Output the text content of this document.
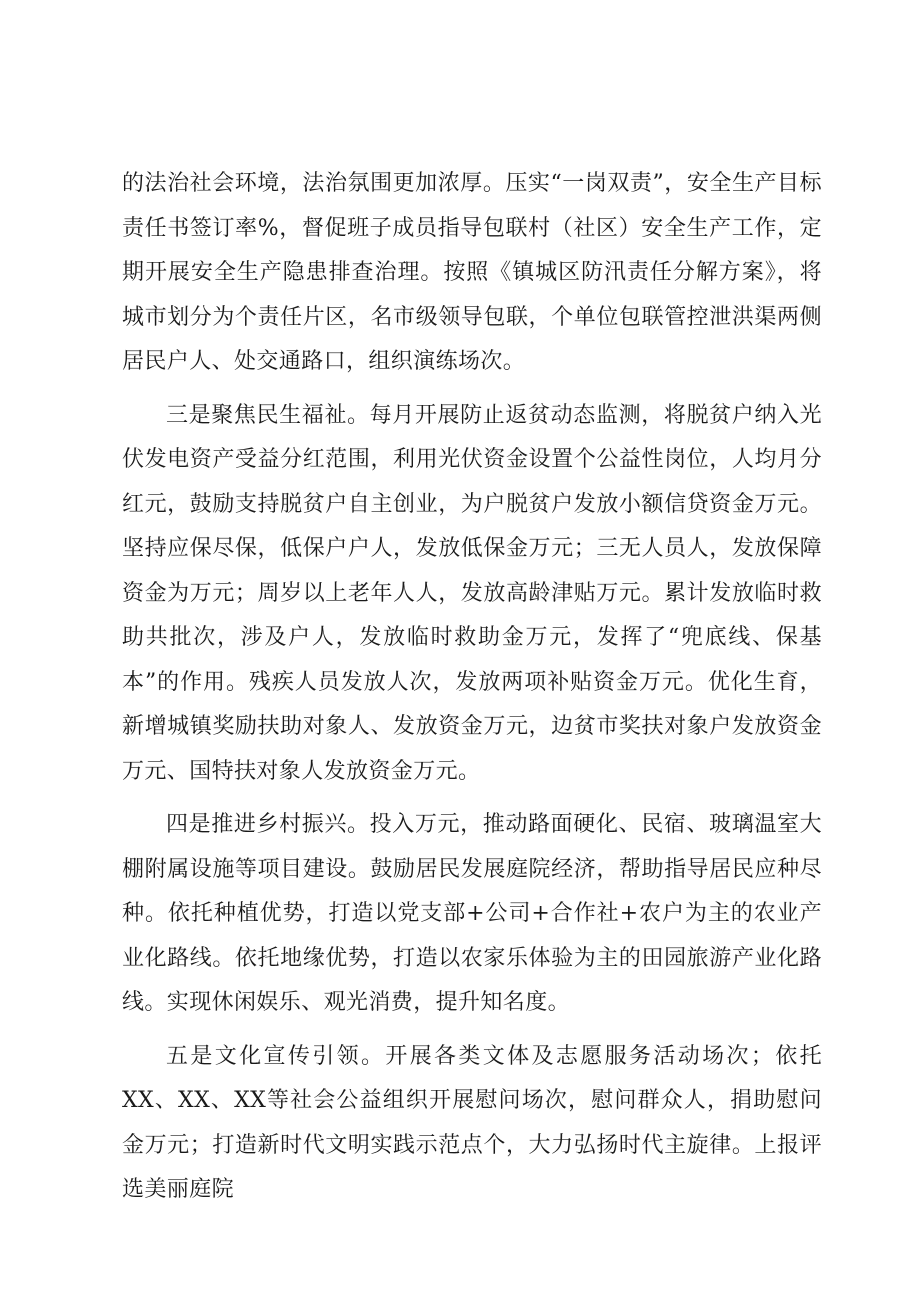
的法治社会环境，法治氛围更加浓厚。压实“一岗双责”，安全生产目标责任书签订率%，督促班子成员指导包联村（社区）安全生产工作，定期开展安全生产隐患排查治理。按照《镇城区防汛责任分解方案》，将城市划分为个责任片区，名市级领导包联，个单位包联管控泄洪渠两侧居民户人、处交通路口，组织演练场次。

三是聚焦民生福祉。每月开展防止返贫动态监测，将脱贫户纳入光伏发电资产受益分红范围，利用光伏资金设置个公益性岗位，人均月分红元，鼓励支持脱贫户自主创业，为户脱贫户发放小额信贷资金万元。坚持应保尽保，低保户户人，发放低保金万元；三无人员人，发放保障资金为万元；周岁以上老年人人，发放高龄津贴万元。累计发放临时救助共批次，涉及户人，发放临时救助金万元，发挥了“兜底线、保基本”的作用。残疾人员发放人次，发放两项补贴资金万元。优化生育，新增城镇奖励扶助对象人、发放资金万元，边贫市奖扶对象户发放资金万元、国特扶对象人发放资金万元。

四是推进乡村振兴。投入万元，推动路面硬化、民宿、玻璃温室大棚附属设施等项目建设。鼓励居民发展庭院经济，帮助指导居民应种尽种。依托种植优势，打造以党支部+公司+合作社+农户为主的农业产业化路线。依托地缘优势，打造以农家乐体验为主的田园旅游产业化路线。实现休闲娱乐、观光消费，提升知名度。

五是文化宣传引领。开展各类文体及志愿服务活动场次；依托XX、XX、XX等社会公益组织开展慰问场次，慰问群众人，捐助慰问金万元；打造新时代文明实践示范点个，大力弘扬时代主旋律。上报评选美丽庭院
